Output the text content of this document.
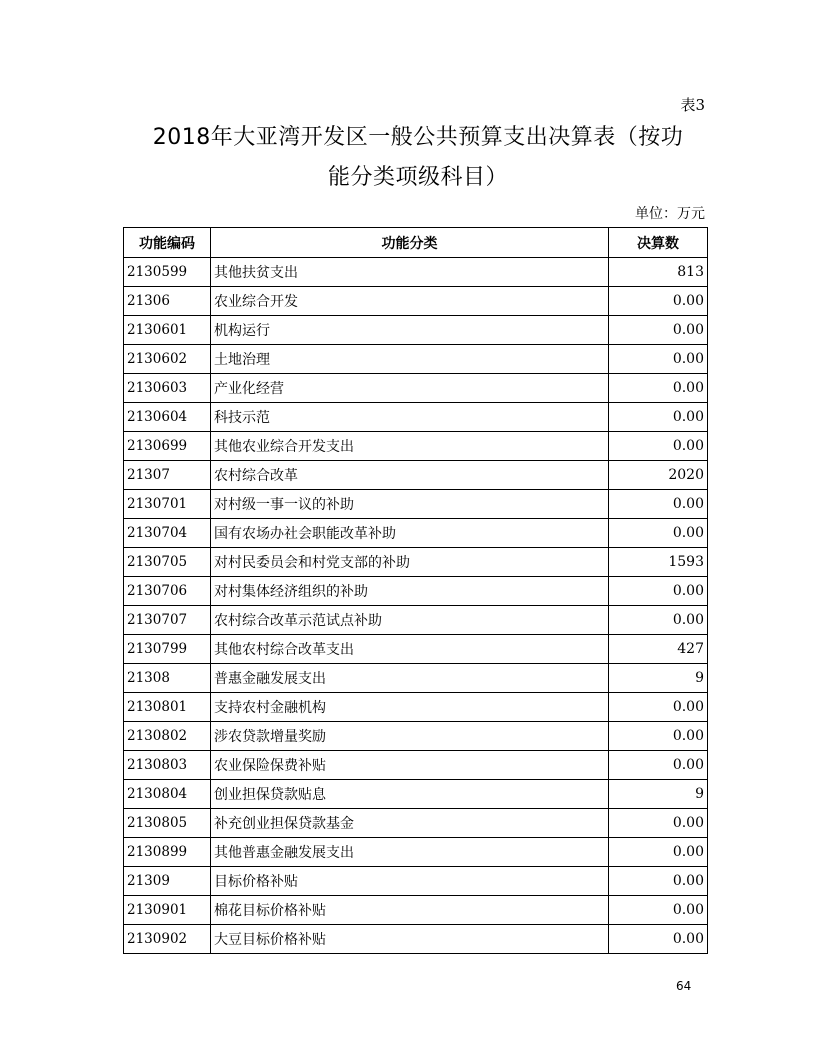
表3
2018年大亚湾开发区一般公共预算支出决算表（按功
能分类项级科目）
单位：万元
功能编码	功能分类	决算数
2130599	其他扶贫支出	813
21306	农业综合开发	0.00
2130601	机构运行	0.00
2130602	土地治理	0.00
2130603	产业化经营	0.00
2130604	科技示范	0.00
2130699	其他农业综合开发支出	0.00
21307	农村综合改革	2020
2130701	对村级一事一议的补助	0.00
2130704	国有农场办社会职能改革补助	0.00
2130705	对村民委员会和村党支部的补助	1593
2130706	对村集体经济组织的补助	0.00
2130707	农村综合改革示范试点补助	0.00
2130799	其他农村综合改革支出	427
21308	普惠金融发展支出	9
2130801	支持农村金融机构	0.00
2130802	涉农贷款增量奖励	0.00
2130803	农业保险保费补贴	0.00
2130804	创业担保贷款贴息	9
2130805	补充创业担保贷款基金	0.00
2130899	其他普惠金融发展支出	0.00
21309	目标价格补贴	0.00
2130901	棉花目标价格补贴	0.00
2130902	大豆目标价格补贴	0.00
64
